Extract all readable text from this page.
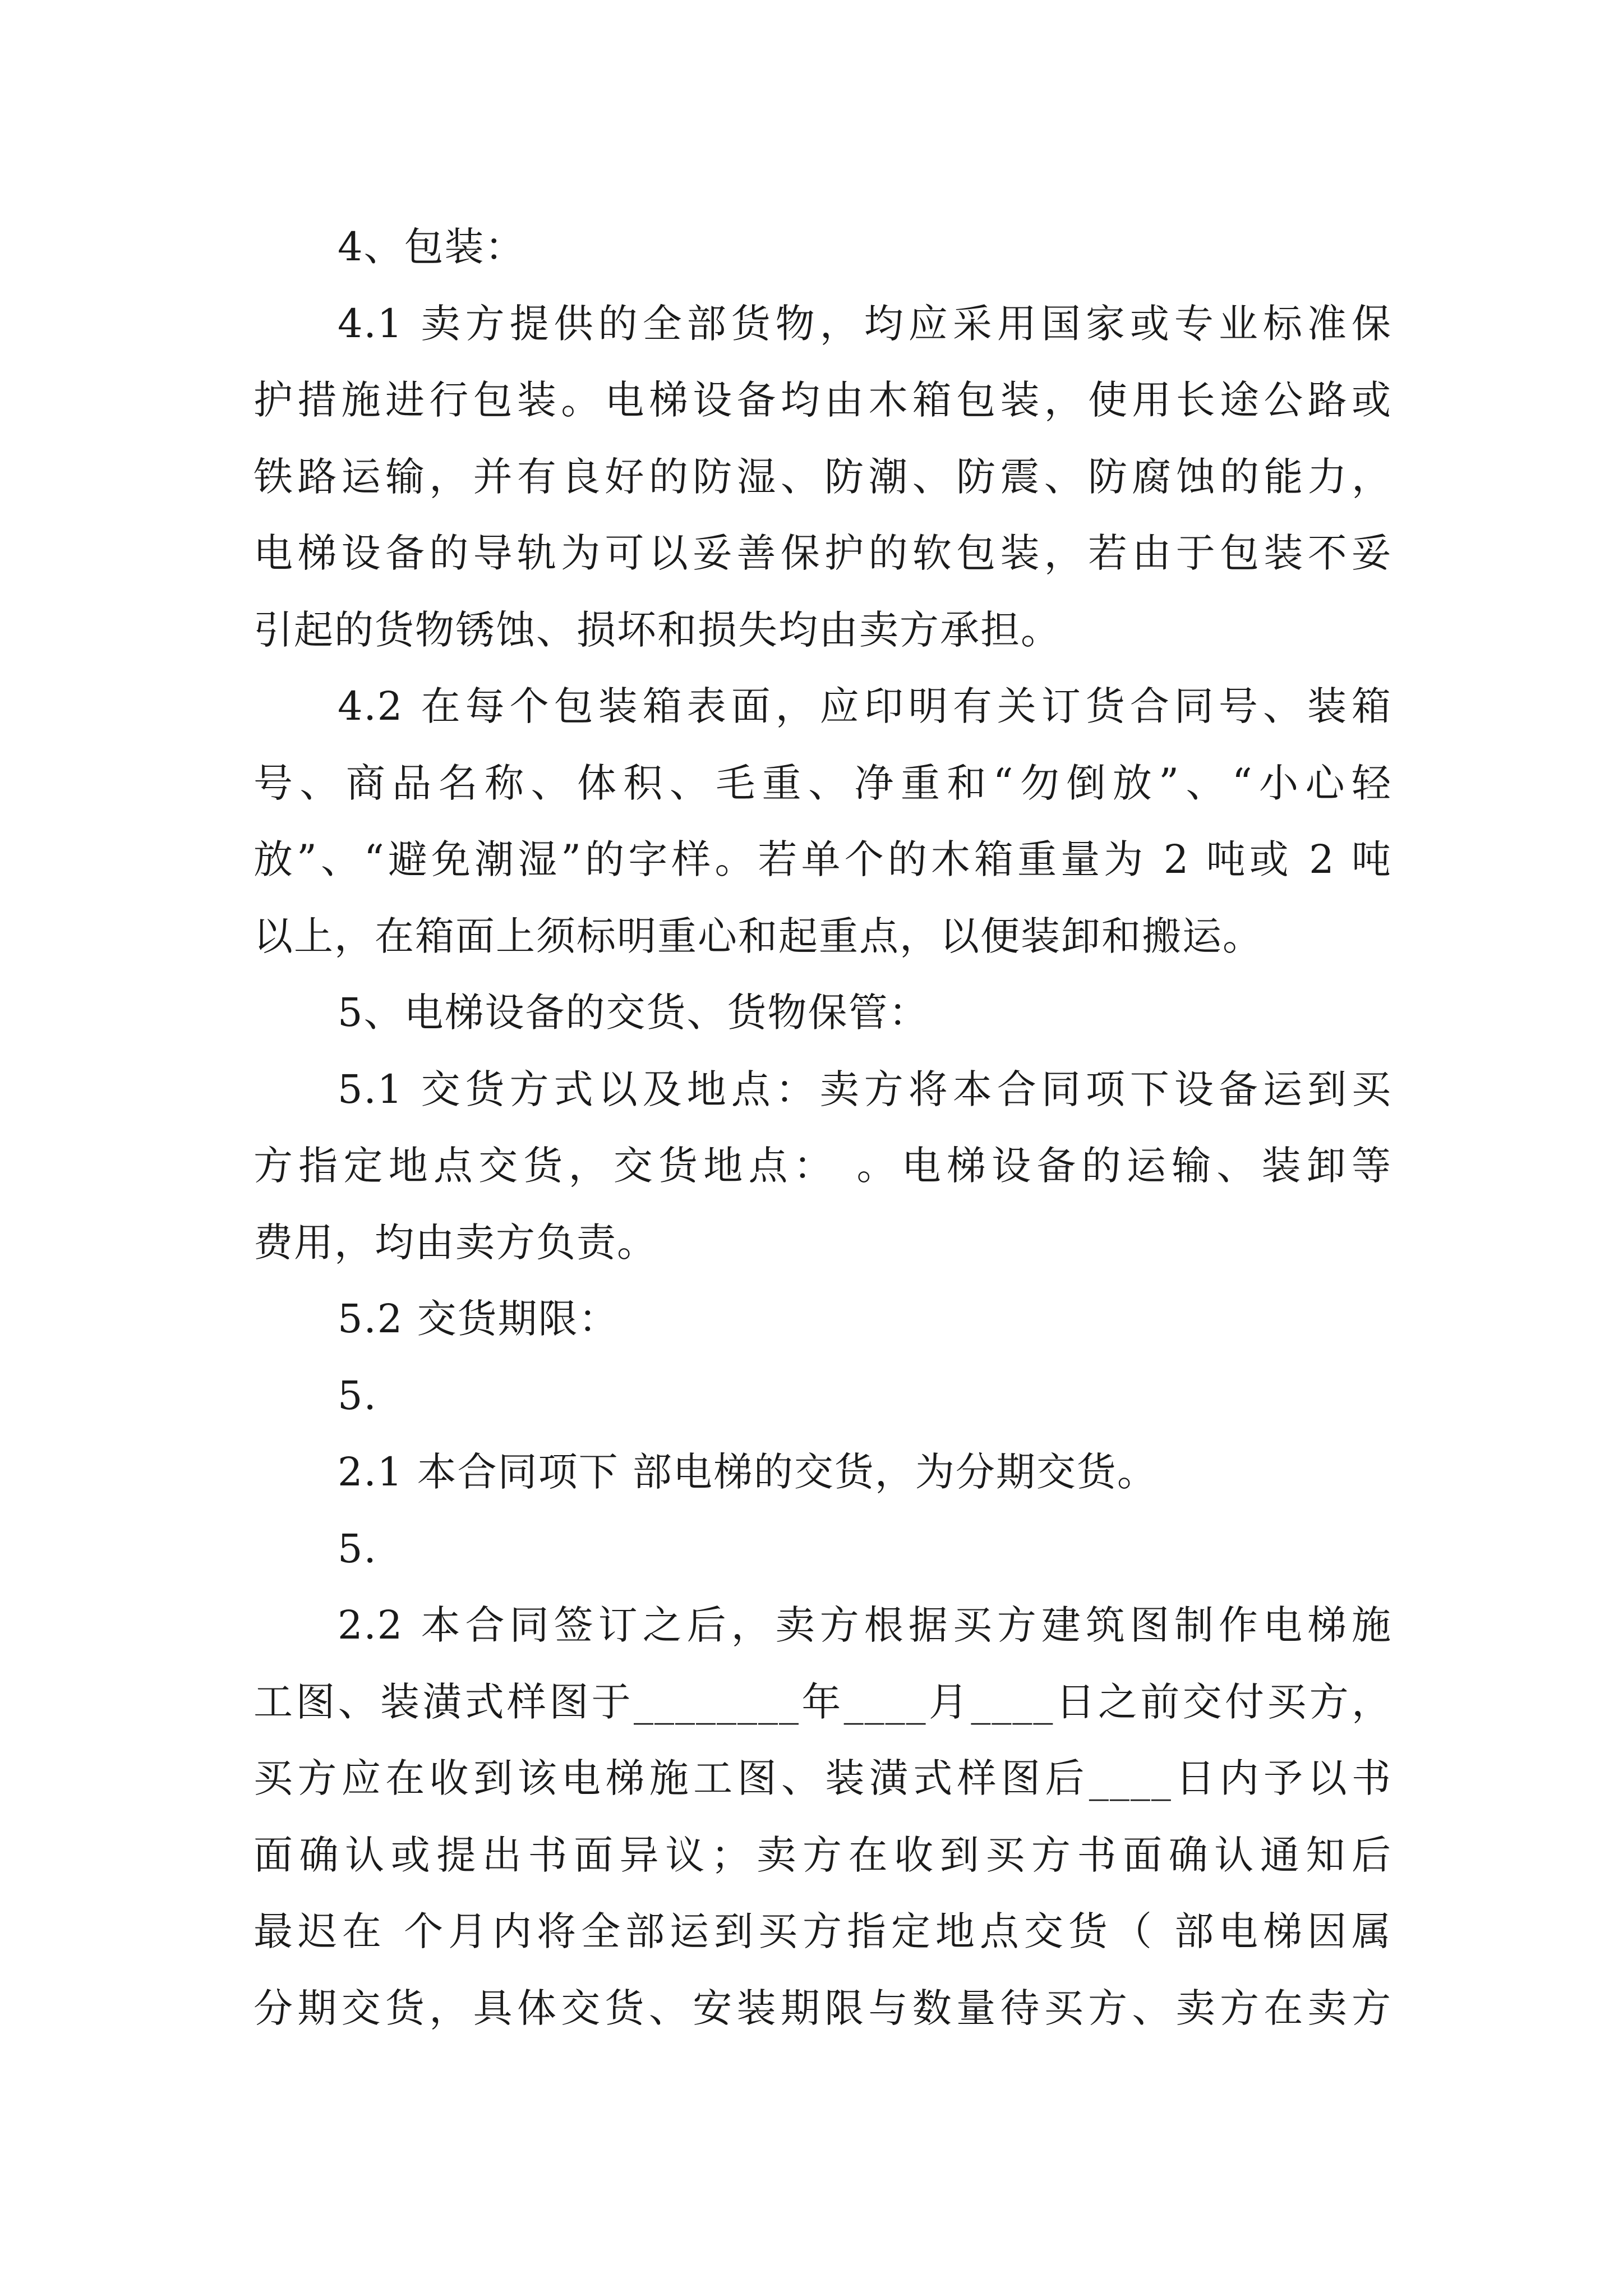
4、包装：
4.1 卖方提供的全部货物，均应采用国家或专业标准保
护措施进行包装。电梯设备均由木箱包装，使用长途公路或
铁路运输，并有良好的防湿、防潮、防震、防腐蚀的能力，
电梯设备的导轨为可以妥善保护的软包装，若由于包装不妥
引起的货物锈蚀、损坏和损失均由卖方承担。
4.2 在每个包装箱表面，应印明有关订货合同号、装箱
号、商品名称、体积、毛重、净重和“勿倒放”、“小心轻
放”、“避免潮湿”的字样。若单个的木箱重量为 2 吨或 2 吨
以上，在箱面上须标明重心和起重点，以便装卸和搬运。
5、电梯设备的交货、货物保管：
5.1 交货方式以及地点：卖方将本合同项下设备运到买
方指定地点交货，交货地点： 。电梯设备的运输、装卸等
费用，均由卖方负责。
5.2 交货期限：
5.
2.1 本合同项下 部电梯的交货，为分期交货。
5.
2.2 本合同签订之后，卖方根据买方建筑图制作电梯施
工图、装潢式样图于________年____月____日之前交付买方，
买方应在收到该电梯施工图、装潢式样图后____日内予以书
面确认或提出书面异议；卖方在收到买方书面确认通知后
最迟在 个月内将全部运到买方指定地点交货（ 部电梯因属
分期交货，具体交货、安装期限与数量待买方、卖方在卖方
